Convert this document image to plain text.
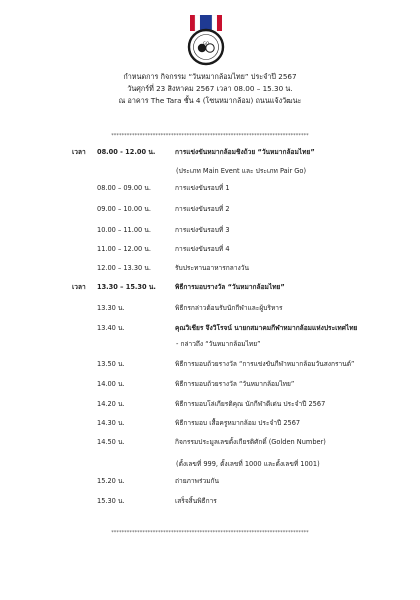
GO
กำหนดการ กิจกรรม “วันหมากล้อมไทย” ประจำปี 2567
วันศุกร์ที่ 23 สิงหาคม 2567 เวลา 08.00 – 15.30 น.
ณ อาคาร The Tara ชั้น 4 (โซนหมากล้อม) ถนนแจ้งวัฒนะ
****************************************************************************
เวลา 08.00 - 12.00 น.	การแข่งขันหมากล้อมชิงถ้วย “วันหมากล้อมไทย”
(ประเภท Main Event และ ประเภท Pair Go)
08.00 – 09.00 น.	การแข่งขันรอบที่ 1
09.00 – 10.00 น.	การแข่งขันรอบที่ 2
10.00 – 11.00 น.	การแข่งขันรอบที่ 3
11.00 – 12.00 น.	การแข่งขันรอบที่ 4
12.00 – 13.30 น.	รับประทานอาหารกลางวัน
เวลา 13.30 – 15.30 น.	พิธีการมอบรางวัล “วันหมากล้อมไทย”
13.30 น.	พิธีกรกล่าวต้อนรับนักกีฬาและผู้บริหาร
13.40 น.	คุณวิเชียร จึงวิโรจน์ นายกสมาคมกีฬาหมากล้อมแห่งประเทศไทย
- กล่าวถึง “วันหมากล้อมไทย”
13.50 น.	พิธีการมอบถ้วยรางวัล “การแข่งขันกีฬาหมากล้อมวันสงกรานต์”
14.00 น.	พิธีการมอบถ้วยรางวัล “วันหมากล้อมไทย”
14.20 น.	พิธีการมอบโล่เกียรติคุณ นักกีฬาดีเด่น ประจำปี 2567
14.30 น.	พิธีการมอบ เสื้อครูหมากล้อม ประจำปี 2567
14.50 น.	กิจกรรมประมูลเลขตั้งเกียรติศักดิ์ (Golden Number)
(ตั้งเลขที่ 999, ตั้งเลขที่ 1000 และตั้งเลขที่ 1001)
15.20 น.	ถ่ายภาพร่วมกัน
15.30 น.	เสร็จสิ้นพิธีการ
****************************************************************************
